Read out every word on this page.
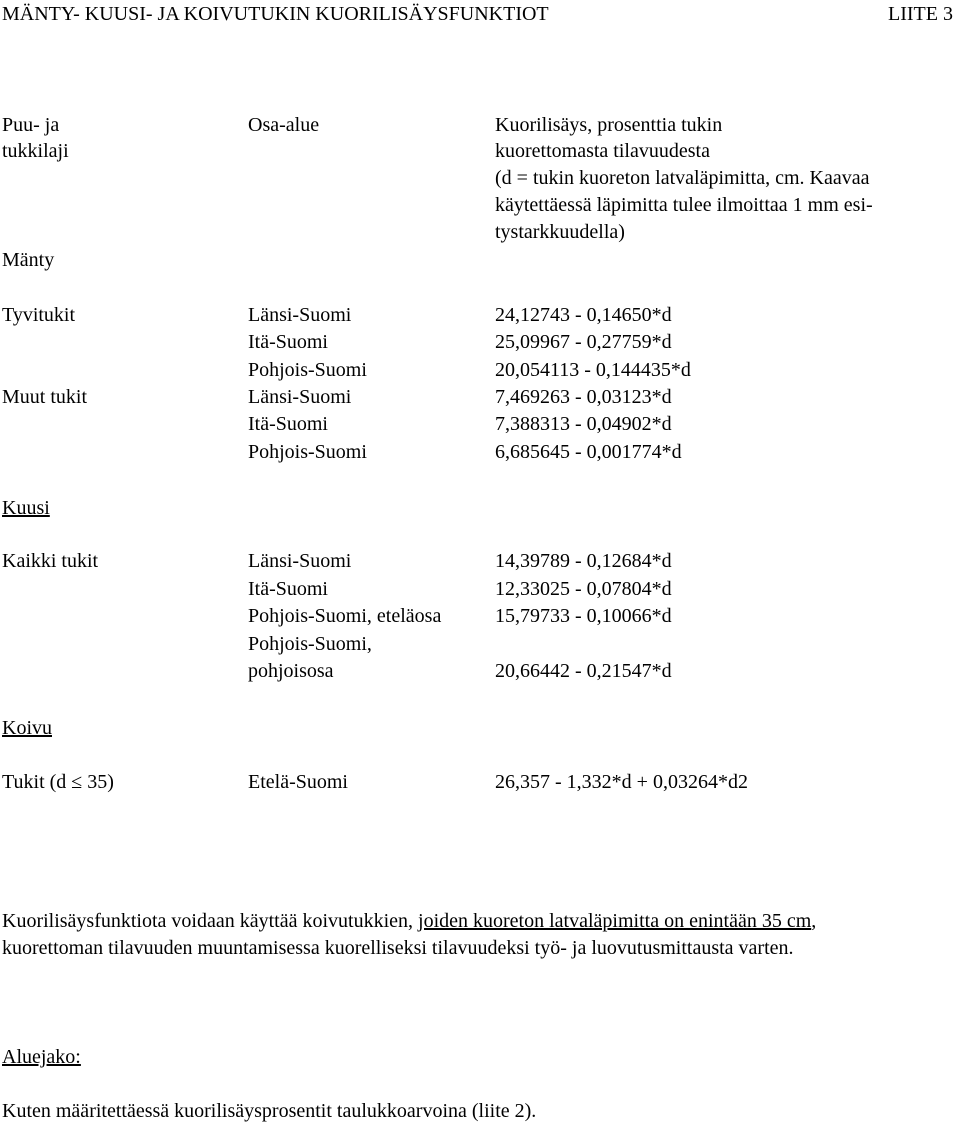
MÄNTY- KUUSI- JA KOIVUTUKIN KUORILISÄYSFUNKTIOT	LIITE 3
Puu- ja
tukkilaji
Osa-alue	Kuorilisäys, prosenttia tukin
kuorettomasta tilavuudesta
(d = tukin kuoreton latvaläpimitta, cm. Kaavaa
käytettäessä läpimitta tulee ilmoittaa 1 mm esi-
tystarkkuudella)
Mänty
Tyvitukit	Länsi-Suomi	24,12743 - 0,14650*d
Itä-Suomi	25,09967 - 0,27759*d
Pohjois-Suomi	20,054113 - 0,144435*d
Muut tukit	Länsi-Suomi	7,469263 - 0,03123*d
Itä-Suomi	7,388313 - 0,04902*d
Pohjois-Suomi	6,685645 - 0,001774*d
Kuusi
Kaikki tukit	Länsi-Suomi	14,39789 - 0,12684*d
Itä-Suomi	12,33025 - 0,07804*d
Pohjois-Suomi, eteläosa	15,79733 - 0,10066*d
Pohjois-Suomi,
pohjoisosa	20,66442 - 0,21547*d
Koivu
Tukit (d ≤ 35)	Etelä-Suomi	26,357 - 1,332*d + 0,03264*d2
Kuorilisäysfunktiota voidaan käyttää koivutukkien, joiden kuoreton latvaläpimitta on enintään 35 cm,
kuorettoman tilavuuden muuntamisessa kuorelliseksi tilavuudeksi työ- ja luovutusmittausta varten.
Aluejako:
Kuten määritettäessä kuorilisäysprosentit taulukkoarvoina (liite 2).
